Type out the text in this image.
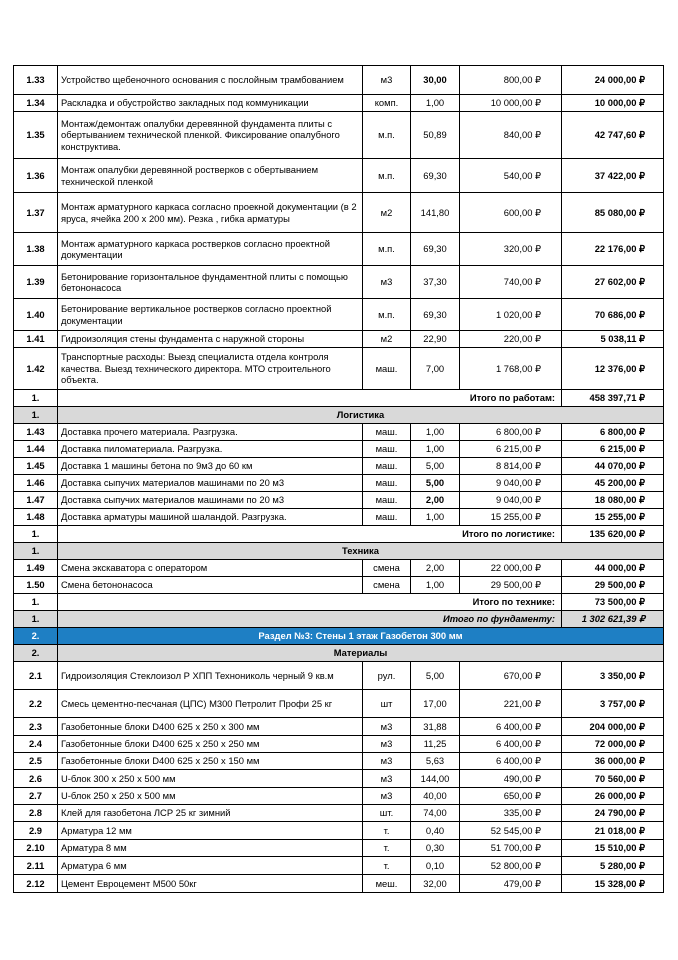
1.33	Устройство щебеночного основания с послойным трамбованием	м3	30,00	800,00 ₽	24 000,00 ₽
1.34	Раскладка и обустройство закладных под коммуникации	комп.	1,00	10 000,00 ₽	10 000,00 ₽
1.35	Монтаж/демонтаж опалубки деревянной фундамента плиты с обертыванием технической пленкой. Фиксирование опалубного конструктива.	м.п.	50,89	840,00 ₽	42 747,60 ₽
1.36	Монтаж опалубки деревянной ростверков с обертыванием технической пленкой	м.п.	69,30	540,00 ₽	37 422,00 ₽
1.37	Монтаж арматурного каркаса согласно проекной документации (в 2 яруса, ячейка 200 х 200 мм). Резка , гибка арматуры	м2	141,80	600,00 ₽	85 080,00 ₽
1.38	Монтаж арматурного каркаса ростверков согласно проектной документации	м.п.	69,30	320,00 ₽	22 176,00 ₽
1.39	Бетонирование горизонтальное фундаментной плиты с помощью бетононасоса	м3	37,30	740,00 ₽	27 602,00 ₽
1.40	Бетонирование вертикальное ростверков согласно проектной документации	м.п.	69,30	1 020,00 ₽	70 686,00 ₽
1.41	Гидроизоляция стены фундамента с наружной стороны	м2	22,90	220,00 ₽	5 038,11 ₽
1.42	Транспортные расходы: Выезд специалиста отдела контроля качества. Выезд технического директора. МТО строительного объекта.	маш.	7,00	1 768,00 ₽	12 376,00 ₽
1.	Итого по работам:				458 397,71 ₽
1.	Логистика				
1.43	Доставка прочего материала. Разгрузка.	маш.	1,00	6 800,00 ₽	6 800,00 ₽
1.44	Доставка пиломатериала. Разгрузка.	маш.	1,00	6 215,00 ₽	6 215,00 ₽
1.45	Доставка 1 машины бетона по 9м3 до 60 км	маш.	5,00	8 814,00 ₽	44 070,00 ₽
1.46	Доставка сыпучих материалов машинами по 20 м3	маш.	5,00	9 040,00 ₽	45 200,00 ₽
1.47	Доставка сыпучих материалов машинами по 20 м3	маш.	2,00	9 040,00 ₽	18 080,00 ₽
1.48	Доставка арматуры машиной шаландой. Разгрузка.	маш.	1,00	15 255,00 ₽	15 255,00 ₽
1.	Итого по логистике:				135 620,00 ₽
1.	Техника				
1.49	Смена экскаватора с оператором	смена	2,00	22 000,00 ₽	44 000,00 ₽
1.50	Смена бетононасоса	смена	1,00	29 500,00 ₽	29 500,00 ₽
1.	Итого по технике:				73 500,00 ₽
1.	Итого по фундаменту:				1 302 621,39 ₽
2.	Раздел №3: Стены 1 этаж Газобетон 300 мм				
2.	Материалы				
2.1	Гидроизоляция Стеклоизол Р ХПП Технониколь черный 9 кв.м	рул.	5,00	670,00 ₽	3 350,00 ₽
2.2	Смесь цементно-песчаная (ЦПС) М300 Петролит Профи 25 кг	шт	17,00	221,00 ₽	3 757,00 ₽
2.3	Газобетонные блоки D400 625 х 250 х 300 мм	м3	31,88	6 400,00 ₽	204 000,00 ₽
2.4	Газобетонные блоки D400 625 х 250 х 250 мм	м3	11,25	6 400,00 ₽	72 000,00 ₽
2.5	Газобетонные блоки D400 625 х 250 х 150 мм	м3	5,63	6 400,00 ₽	36 000,00 ₽
2.6	U-блок 300 х 250 х 500 мм	м3	144,00	490,00 ₽	70 560,00 ₽
2.7	U-блок 250 х 250 х 500 мм	м3	40,00	650,00 ₽	26 000,00 ₽
2.8	Клей для газобетона ЛСР 25 кг зимний	шт.	74,00	335,00 ₽	24 790,00 ₽
2.9	Арматура 12 мм	т.	0,40	52 545,00 ₽	21 018,00 ₽
2.10	Арматура 8 мм	т.	0,30	51 700,00 ₽	15 510,00 ₽
2.11	Арматура 6 мм	т.	0,10	52 800,00 ₽	5 280,00 ₽
2.12	Цемент Евроцемент М500 50кг	меш.	32,00	479,00 ₽	15 328,00 ₽
